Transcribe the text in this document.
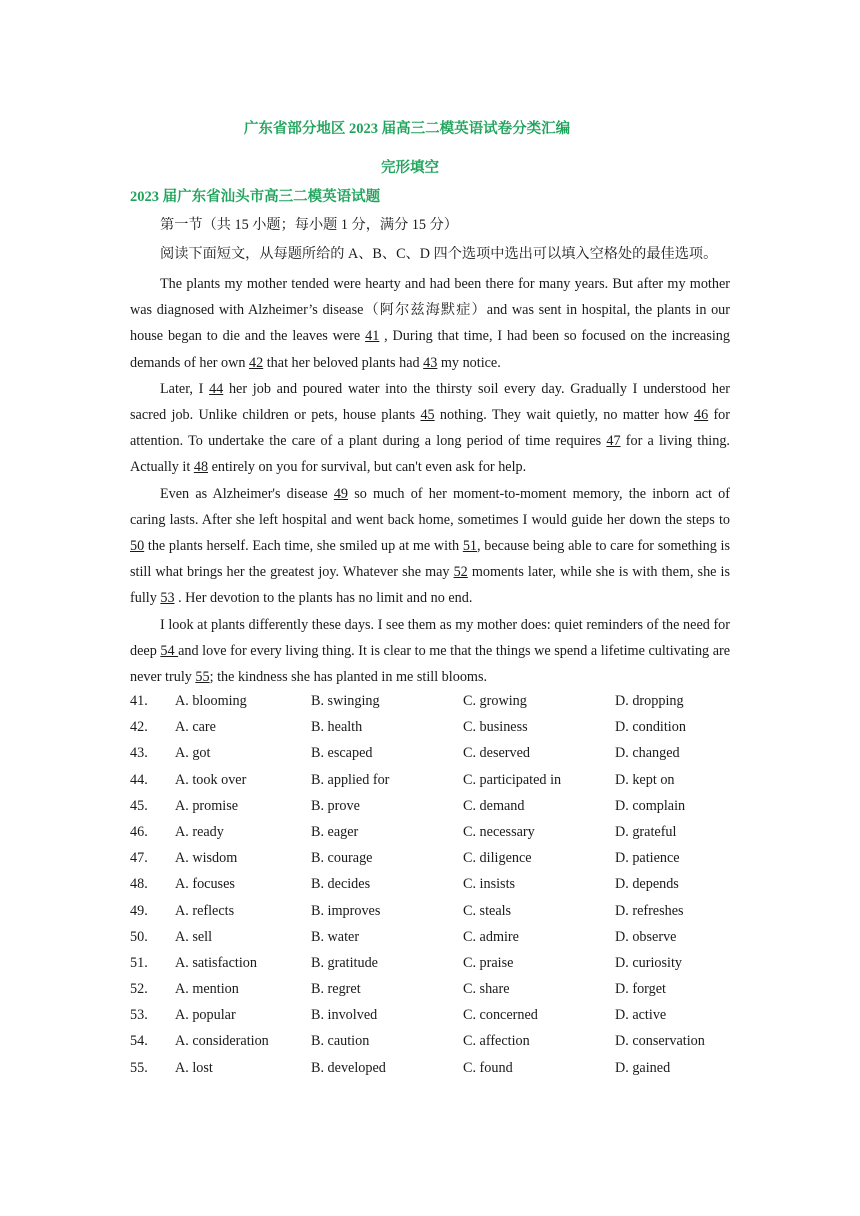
广东省部分地区 2023 届高三二模英语试卷分类汇编
完形填空
2023 届广东省汕头市高三二模英语试题
第一节（共 15 小题；每小题 1 分，满分 15 分）
阅读下面短文，从每题所给的 A、B、C、D 四个选项中选出可以填入空格处的最佳选项。

The plants my mother tended were hearty and had been there for many years. But after my mother was diagnosed with Alzheimer’s disease（阿尔兹海默症）and was sent in hospital, the plants in our house began to die and the leaves were 41 , During that time, I had been so focused on the increasing demands of her own 42 that her beloved plants had 43 my notice.

Later, I 44 her job and poured water into the thirsty soil every day. Gradually I understood her sacred job. Unlike children or pets, house plants 45 nothing. They wait quietly, no matter how 46 for attention. To undertake the care of a plant during a long period of time requires 47 for a living thing. Actually it 48 entirely on you for survival, but can't even ask for help.

Even as Alzheimer's disease 49 so much of her moment-to-moment memory, the inborn act of caring lasts. After she left hospital and went back home, sometimes I would guide her down the steps to 50 the plants herself. Each time, she smiled up at me with 51, because being able to care for something is still what brings her the greatest joy. Whatever she may 52 moments later, while she is with them, she is fully 53 . Her devotion to the plants has no limit and no end.

I look at plants differently these days. I see them as my mother does: quiet reminders of the need for deep 54 and love for every living thing. It is clear to me that the things we spend a lifetime cultivating are never truly 55; the kindness she has planted in me still blooms.

41. A. blooming	B. swinging	C. growing	D. dropping
42. A. care	B. health	C. business	D. condition
43. A. got	B. escaped	C. deserved	D. changed
44. A. took over	B. applied for	C. participated in	D. kept on
45. A. promise	B. prove	C. demand	D. complain
46. A. ready	B. eager	C. necessary	D. grateful
47. A. wisdom	B. courage	C. diligence	D. patience
48. A. focuses	B. decides	C. insists	D. depends
49. A. reflects	B. improves	C. steals	D. refreshes
50. A. sell	B. water	C. admire	D. observe
51. A. satisfaction	B. gratitude	C. praise	D. curiosity
52. A. mention	B. regret	C. share	D. forget
53. A. popular	B. involved	C. concerned	D. active
54. A. consideration	B. caution	C. affection	D. conservation
55. A. lost	B. developed	C. found	D. gained
